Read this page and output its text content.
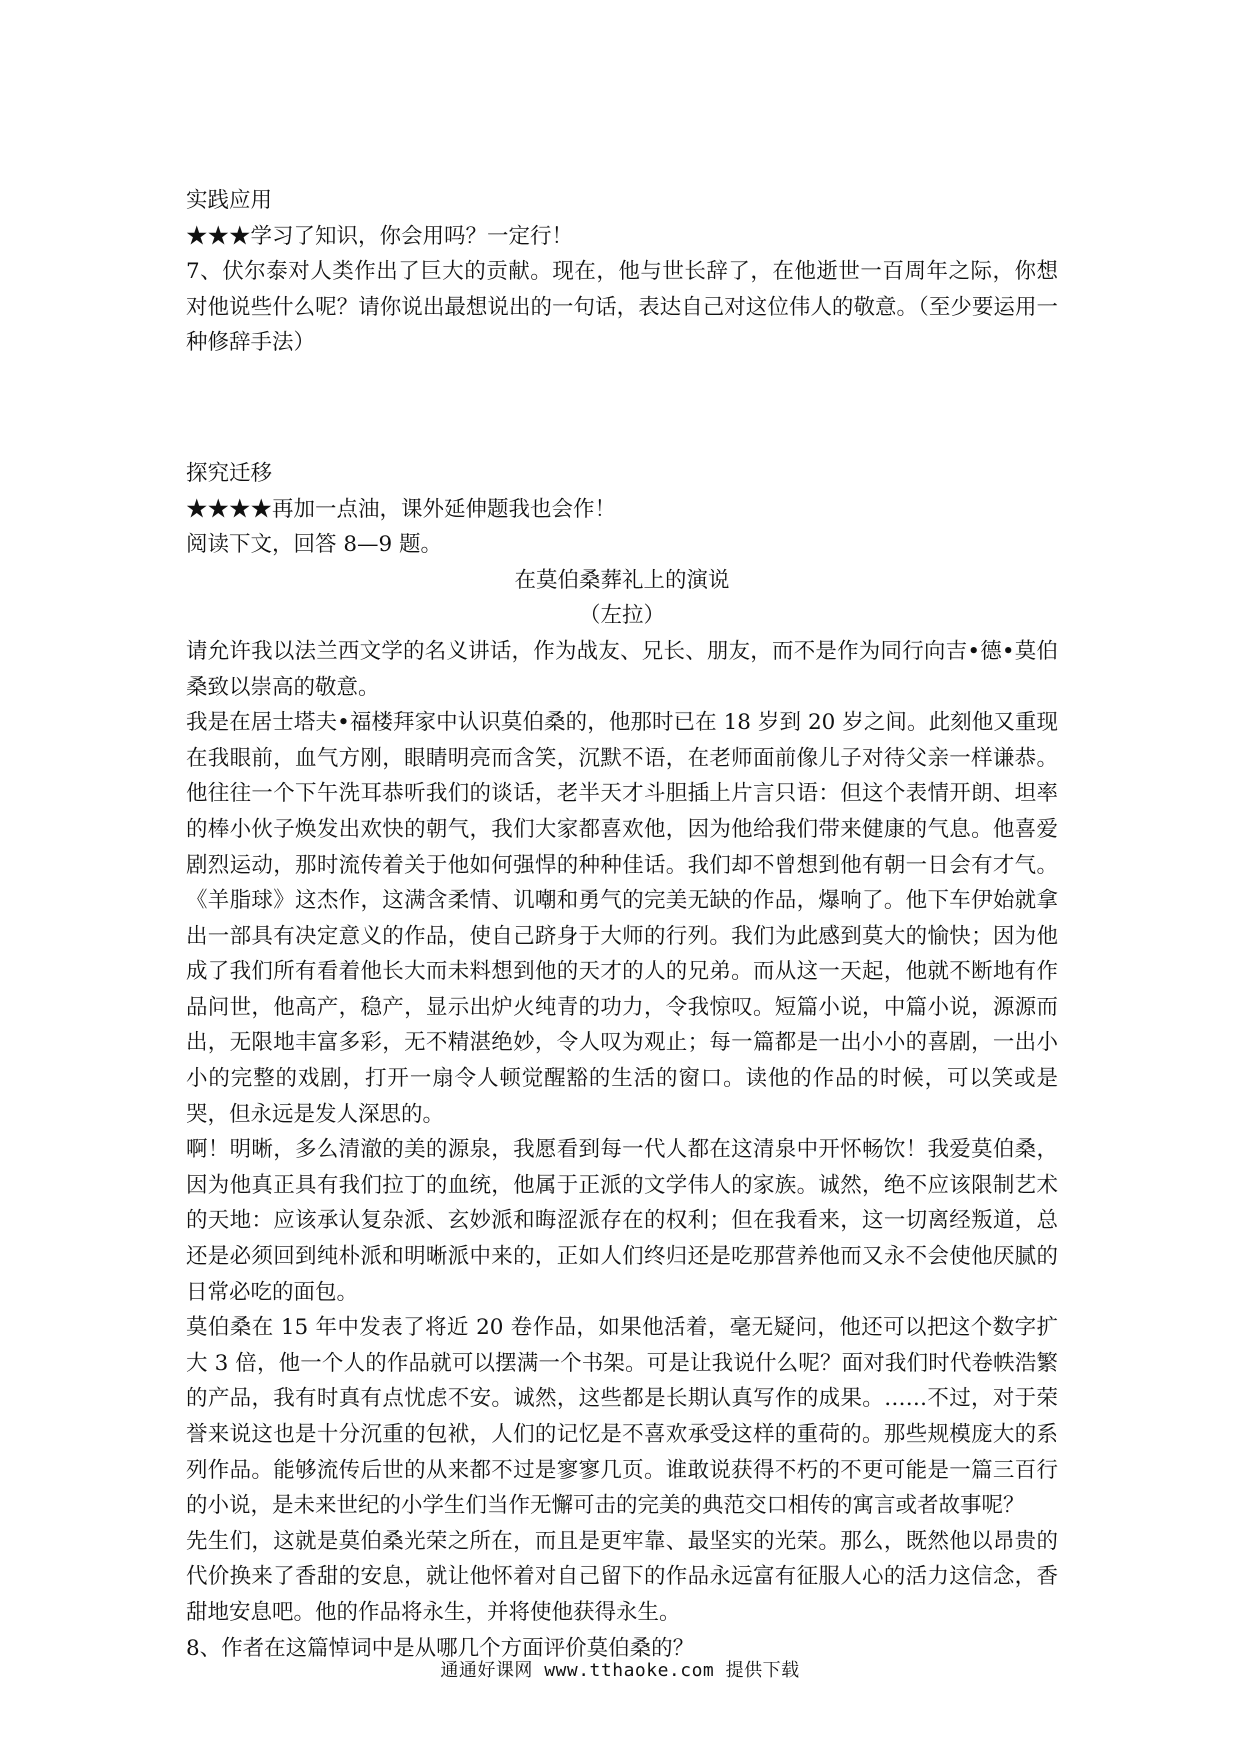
实践应用

★★★学习了知识，你会用吗？一定行！

7、伏尔泰对人类作出了巨大的贡献。现在，他与世长辞了，在他逝世一百周年之际，你想对他说些什么呢？请你说出最想说出的一句话，表达自己对这位伟人的敬意。（至少要运用一种修辞手法）

探究迁移

★★★★再加一点油，课外延伸题我也会作！

阅读下文，回答 8—9 题。

在莫伯桑葬礼上的演说

（左拉）

请允许我以法兰西文学的名义讲话，作为战友、兄长、朋友，而不是作为同行向吉•德•莫伯桑致以崇高的敬意。

我是在居士塔夫•福楼拜家中认识莫伯桑的，他那时已在 18 岁到 20 岁之间。此刻他又重现在我眼前，血气方刚，眼睛明亮而含笑，沉默不语，在老师面前像儿子对待父亲一样谦恭。他往往一个下午洗耳恭听我们的谈话，老半天才斗胆插上片言只语：但这个表情开朗、坦率的棒小伙子焕发出欢快的朝气，我们大家都喜欢他，因为他给我们带来健康的气息。他喜爱剧烈运动，那时流传着关于他如何强悍的种种佳话。我们却不曾想到他有朝一日会有才气。《羊脂球》这杰作，这满含柔情、讥嘲和勇气的完美无缺的作品，爆响了。他下车伊始就拿出一部具有决定意义的作品，使自己跻身于大师的行列。我们为此感到莫大的愉快；因为他成了我们所有看着他长大而未料想到他的天才的人的兄弟。而从这一天起，他就不断地有作品问世，他高产，稳产，显示出炉火纯青的功力，令我惊叹。短篇小说，中篇小说，源源而出，无限地丰富多彩，无不精湛绝妙，令人叹为观止；每一篇都是一出小小的喜剧，一出小小的完整的戏剧，打开一扇令人顿觉醒豁的生活的窗口。读他的作品的时候，可以笑或是哭，但永远是发人深思的。

啊！明晰，多么清澈的美的源泉，我愿看到每一代人都在这清泉中开怀畅饮！我爱莫伯桑，因为他真正具有我们拉丁的血统，他属于正派的文学伟人的家族。诚然，绝不应该限制艺术的天地：应该承认复杂派、玄妙派和晦涩派存在的权利；但在我看来，这一切离经叛道，总还是必须回到纯朴派和明晰派中来的，正如人们终归还是吃那营养他而又永不会使他厌腻的日常必吃的面包。

莫伯桑在 15 年中发表了将近 20 卷作品，如果他活着，毫无疑问，他还可以把这个数字扩大 3 倍，他一个人的作品就可以摆满一个书架。可是让我说什么呢？面对我们时代卷帙浩繁的产品，我有时真有点忧虑不安。诚然，这些都是长期认真写作的成果。……不过，对于荣誉来说这也是十分沉重的包袱，人们的记忆是不喜欢承受这样的重荷的。那些规模庞大的系列作品。能够流传后世的从来都不过是寥寥几页。谁敢说获得不朽的不更可能是一篇三百行的小说，是未来世纪的小学生们当作无懈可击的完美的典范交口相传的寓言或者故事呢？

先生们，这就是莫伯桑光荣之所在，而且是更牢靠、最坚实的光荣。那么，既然他以昂贵的代价换来了香甜的安息，就让他怀着对自己留下的作品永远富有征服人心的活力这信念，香甜地安息吧。他的作品将永生，并将使他获得永生。

8、作者在这篇悼词中是从哪几个方面评价莫伯桑的？

通通好课网 www.tthaoke.com 提供下载
